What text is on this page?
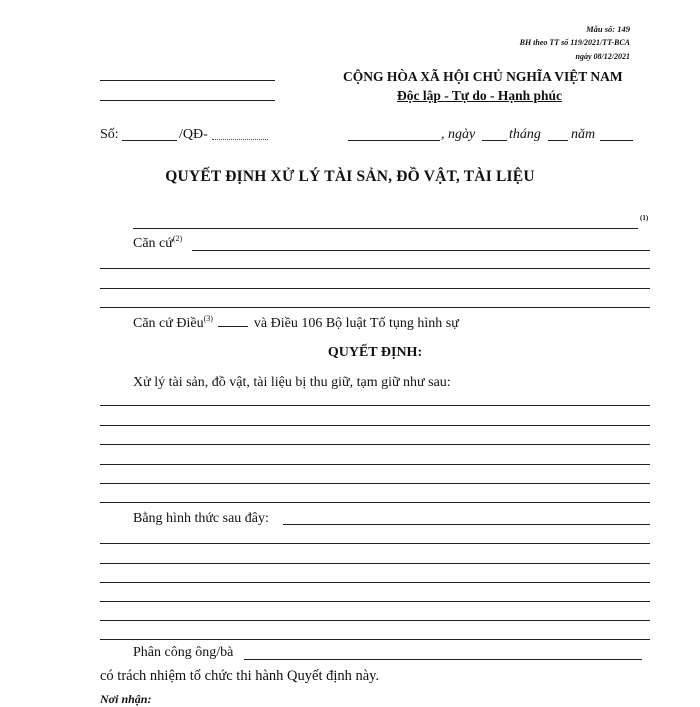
Mẫu số: 149
BH theo TT số 119/2021/TT-BCA
ngày 08/12/2021
CỘNG HÒA XÃ HỘI CHỦ NGHĨA VIỆT NAM
Độc lập - Tự do - Hạnh phúc
Số:	/QĐ-	, ngày tháng năm
QUYẾT ĐỊNH XỬ LÝ TÀI SẢN, ĐỒ VẬT, TÀI LIỆU
(1)
Căn cứ$^{(2)}$
Căn cứ Điều$^{(3)}$	và Điều 106 Bộ luật Tố tụng hình sự
QUYẾT ĐỊNH:
Xử lý tài sản, đồ vật, tài liệu bị thu giữ, tạm giữ như sau:
Bằng hình thức sau đây:
Phân công ông/bà
có trách nhiệm tổ chức thi hành Quyết định này.
Nơi nhận:
